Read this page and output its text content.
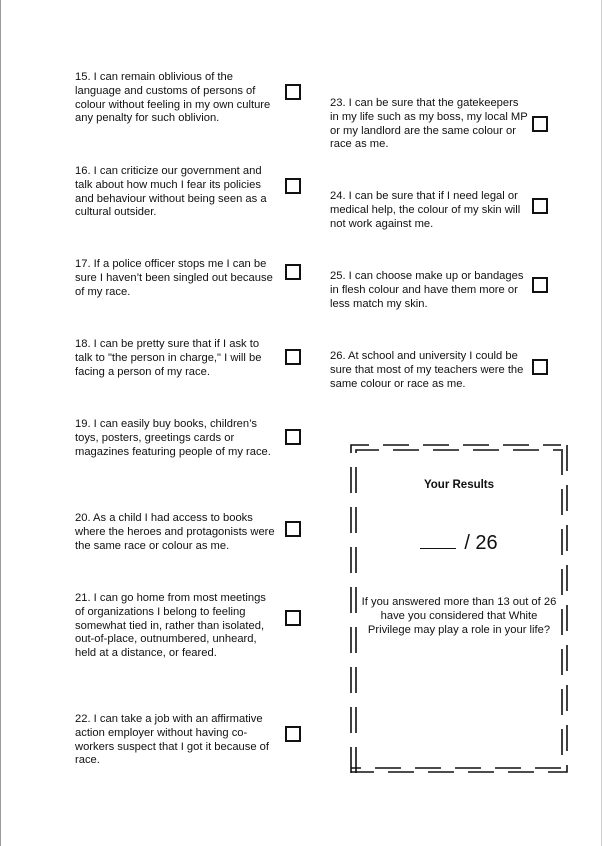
15. I can remain oblivious of the language and customs of persons of colour without feeling in my own culture any penalty for such oblivion.

16. I can criticize our government and talk about how much I fear its policies and behaviour without being seen as a cultural outsider.

17. If a police officer stops me I can be sure I haven’t been singled out because of my race.

18. I can be pretty sure that if I ask to talk to "the person in charge," I will be facing a person of my race.

19. I can easily buy books, children’s toys, posters, greetings cards or magazines featuring people of my race.

20. As a child I had access to books where the heroes and protagonists were the same race or colour as me.

21. I can go home from most meetings of organizations I belong to feeling somewhat tied in, rather than isolated, out-of-place, outnumbered, unheard, held at a distance, or feared.

22. I can take a job with an affirmative action employer without having co-workers suspect that I got it because of race.

23. I can be sure that the gatekeepers in my life such as my boss, my local MP or my landlord are the same colour or race as me.

24. I can be sure that if I need legal or medical help, the colour of my skin will not work against me.

25. I can choose make up or bandages in flesh colour and have them more or less match my skin.

26. At school and university I could be sure that most of my teachers were the same colour or race as me.

Your Results
/ 26
If you answered more than 13 out of 26 have you considered that White Privilege may play a role in your life?
